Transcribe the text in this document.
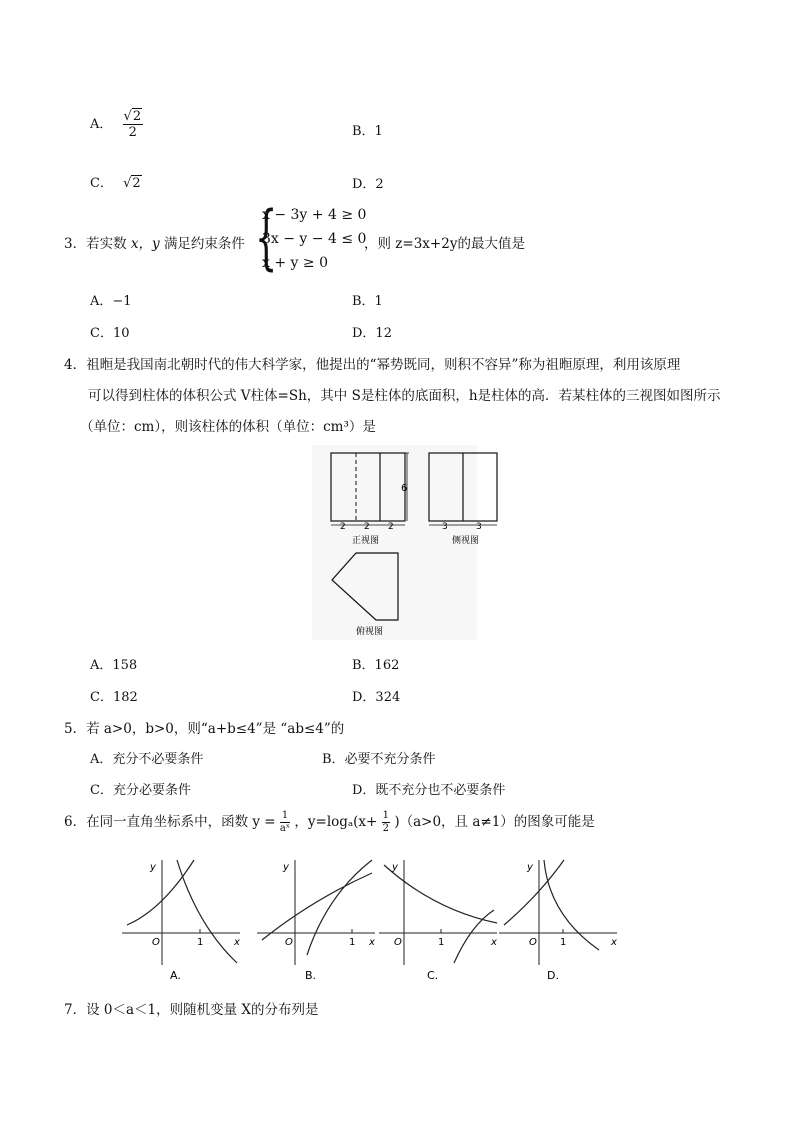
A． $\frac{√2}{2}$	B．1
C． √2	D．2
3．若实数 x，y 满足约束条件 {
x − 3y + 4 ≥ 0
3x − y − 4 ≤ 0
x + y ≥ 0
，则 z=3x+2y的最大值是
A．−1	B．1
C．10	D．12
4．祖暅是我国南北朝时代的伟大科学家，他提出的“幂势既同，则积不容异”称为祖暅原理，利用该原理
可以得到柱体的体积公式 V柱体=Sh，其中 S是柱体的底面积，h是柱体的高．若某柱体的三视图如图所示
（单位：cm），则该柱体的体积（单位：cm³）是
6
2 2 2
正视图
3	3
侧视图
俯视图
A．158	B．162
C．182	D．324
5．若 a>0，b>0，则“a+b≤4”是 “ab≤4”的
A．充分不必要条件	B．必要不充分条件
C．充分必要条件	D．既不充分也不必要条件
6．在同一直角坐标系中，函数 $y = \frac{1}{\text{aˣ}}$ ，$y=\log_a(x+ \frac{1}{2} )(a>0$，且 a≠1）的图象可能是
y
x
O	1
A.
y
x
O	1
B.
y
x
O	1
C.
y
x
O 1
D.
7．设 0＜a＜1，则随机变量 X的分布列是
